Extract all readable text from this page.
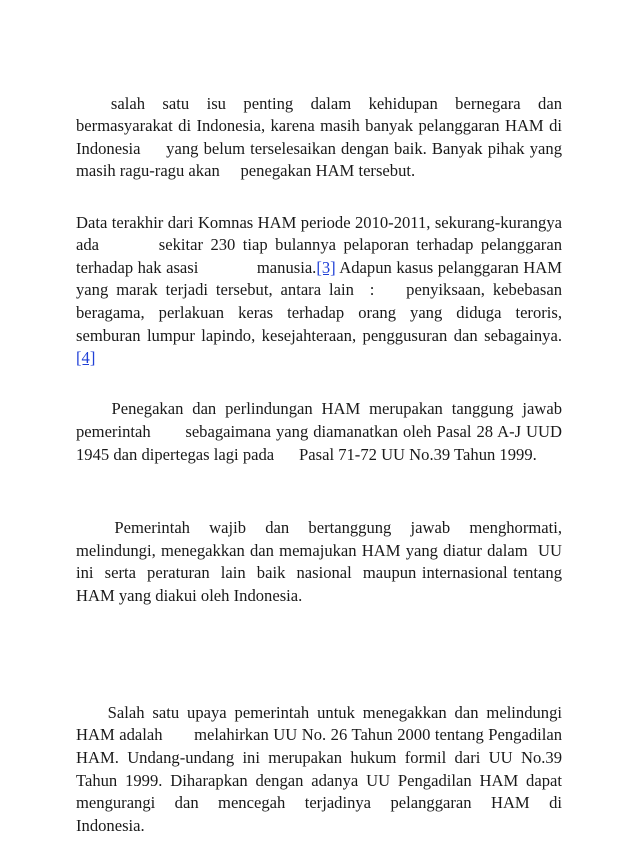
salah  satu  isu  penting  dalam  kehidupan  bernegara  dan      bermasyarakat di Indonesia, karena masih banyak pelanggaran HAM di Indonesia     yang belum terselesaikan dengan baik. Banyak pihak yang masih ragu-ragu akan     penegakan HAM tersebut.

Data terakhir dari Komnas HAM periode 2010-2011, sekurang-kurangya ada        sekitar 230 tiap bulannya pelaporan terhadap pelanggaran terhadap hak asasi             manusia.[3] Adapun kasus pelanggaran HAM yang marak terjadi tersebut, antara lain  :    penyiksaan, kebebasan beragama, perlakuan keras terhadap orang yang diduga teroris,            semburan lumpur lapindo, kesejahteraan, penggusuran dan sebagainya.[4]

Penegakan dan perlindungan HAM merupakan tanggung jawab pemerintah       sebagaimana yang diamanatkan oleh Pasal 28 A-J UUD 1945 dan dipertegas lagi pada      Pasal 71-72 UU No.39 Tahun 1999.

Pemerintah  wajib  dan  bertanggung  jawab  menghormati, melindungi, menegakkan dan memajukan HAM yang diatur dalam  UU  ini  serta  peraturan  lain  baik  nasional  maupun internasional tentang HAM yang diakui oleh Indonesia.

Salah satu upaya pemerintah untuk menegakkan dan melindungi HAM adalah       melahirkan UU No. 26 Tahun 2000 tentang Pengadilan HAM. Undang-undang ini merupakan hukum formil dari UU No.39 Tahun 1999. Diharapkan dengan adanya UU Pengadilan HAM dapat mengurangi dan mencegah terjadinya pelanggaran HAM di        Indonesia.
